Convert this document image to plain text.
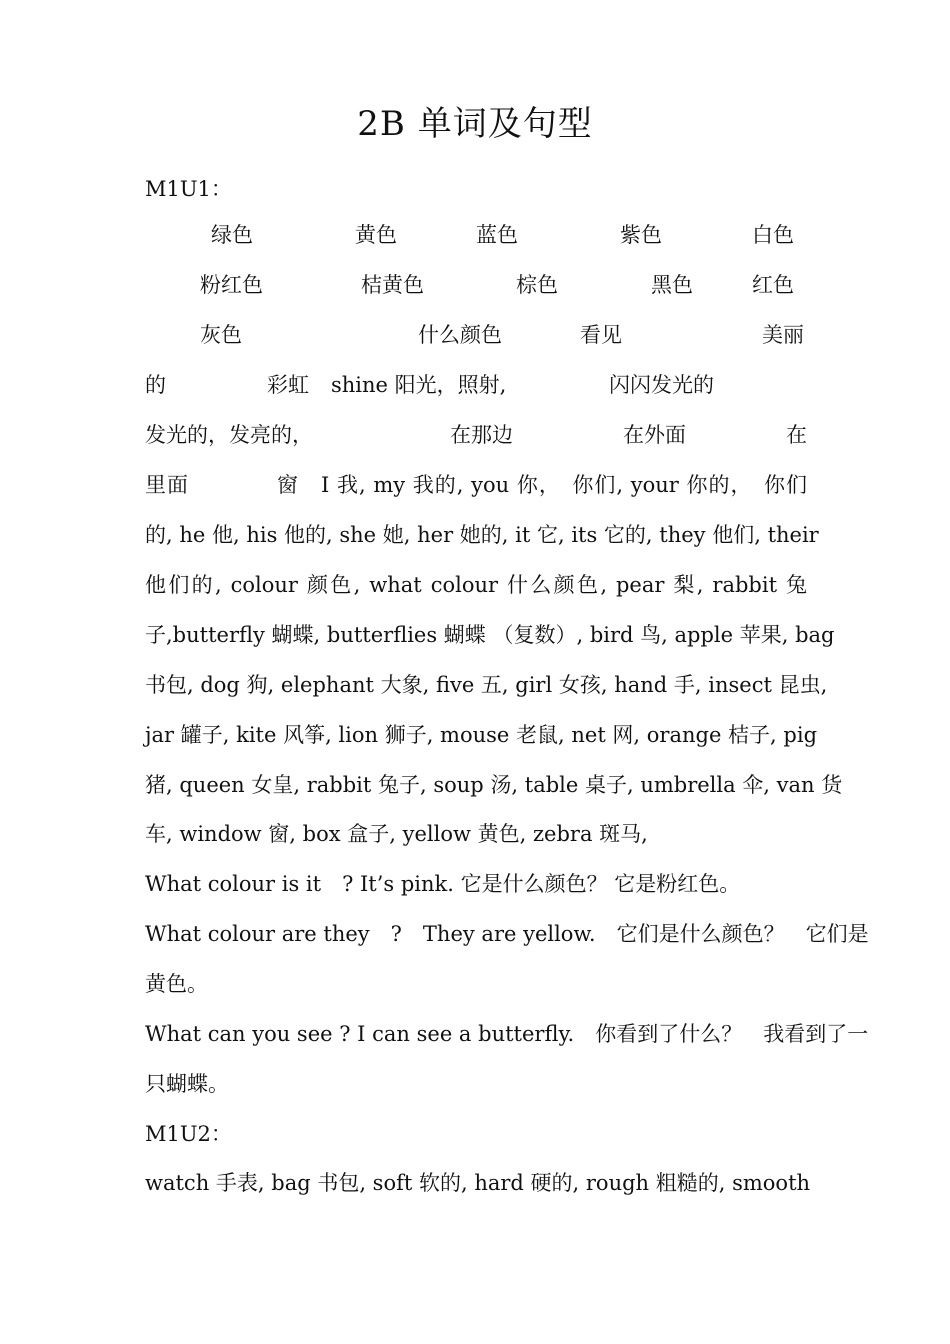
2B 单词及句型
M1U1：
绿色	黄色	蓝色	紫色	白色
粉红色	桔黄色	棕色	黑色	红色
灰色	什么颜色	看见	美丽
的	彩虹 shine 阳光，照射,	闪闪发光的
发光的，发亮的，	在那边	在外面	在
里面　　　　窗　I 我, my 我的, you 你，　你们, your 你的，　你们
的, he 他, his 他的, she 她, her 她的, it 它, its 它的, they 他们, their
他们的, colour 颜色, what colour 什么颜色, pear 梨, rabbit 兔
子,butterfly 蝴蝶, butterflies 蝴蝶 （复数）, bird 鸟, apple 苹果, bag
书包, dog 狗, elephant 大象, five 五, girl 女孩, hand 手, insect 昆虫,
jar 罐子, kite 风筝, lion 狮子, mouse 老鼠, net 网, orange 桔子, pig
猪, queen 女皇, rabbit 兔子, soup 汤, table 桌子, umbrella 伞, van 货
车, window 窗, box 盒子, yellow 黄色, zebra 斑马,
What colour is it　? It’s pink. 它是什么颜色？ 它是粉红色。
What colour are they　?　They are yellow.　它们是什么颜色？　它们是
黄色。
What can you see ? I can see a butterfly.　你看到了什么？　我看到了一
只蝴蝶。
M1U2：
watch 手表, bag 书包, soft 软的, hard 硬的, rough 粗糙的, smooth
